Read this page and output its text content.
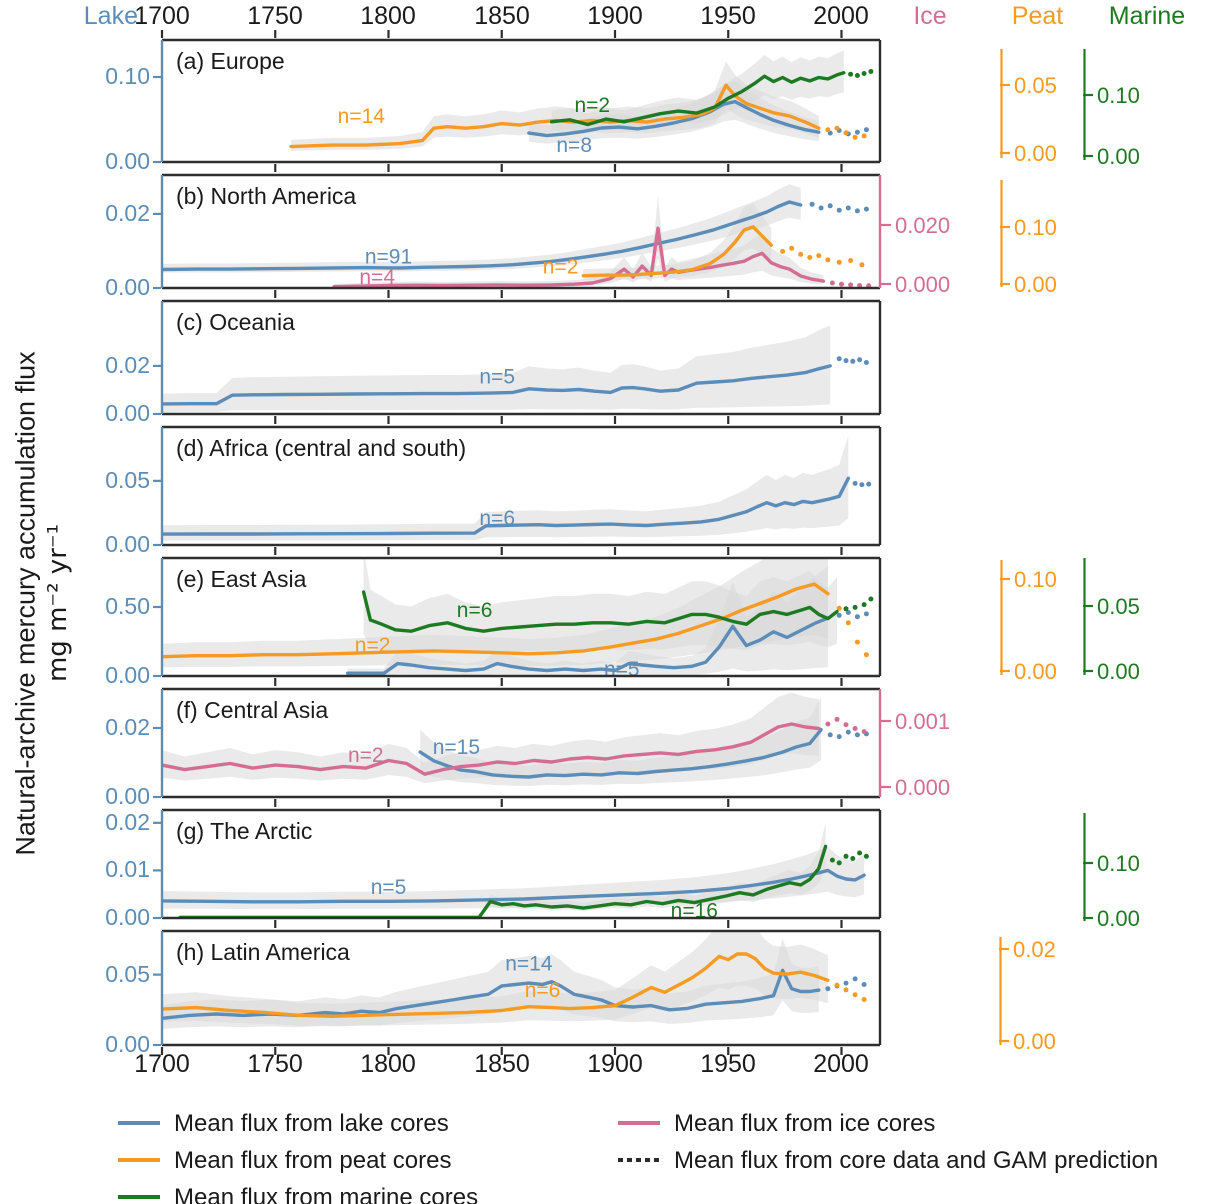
Natural-archive mercury accumulation flux mg m⁻² yr⁻¹
Lake	Ice	Peat	Marine
n=8
n=14	n=2
(a) Europe
n=91
n=4	n=2
(b) North America
n=5
(c) Oceania
n=6
(d) Africa (central and south)
n=5
n=2
n=6
(e) East Asia
n=15
n=2
(f) Central Asia
n=5
n=16
(g) The Arctic
n=14
n=6
(h) Latin America
Mean flux from lake cores	Mean flux from ice cores
Mean flux from peat cores	Mean flux from core data and GAM prediction
Mean flux from marine cores
1700
1700
1750
1750
1800
1800
1850
1850
1900
1900
1950
1950
2000
2000
0.10
0.00
0.05
0.00
0.10
0.00
0.02
0.00
0.020
0.000
0.10
0.00
0.02
0.00
0.05
0.00
0.50
0.00
0.10
0.00
0.05
0.00
0.02
0.00
0.001
0.000
0.02
0.01
0.00
0.10
0.00
0.05
0.00
0.02
0.00
